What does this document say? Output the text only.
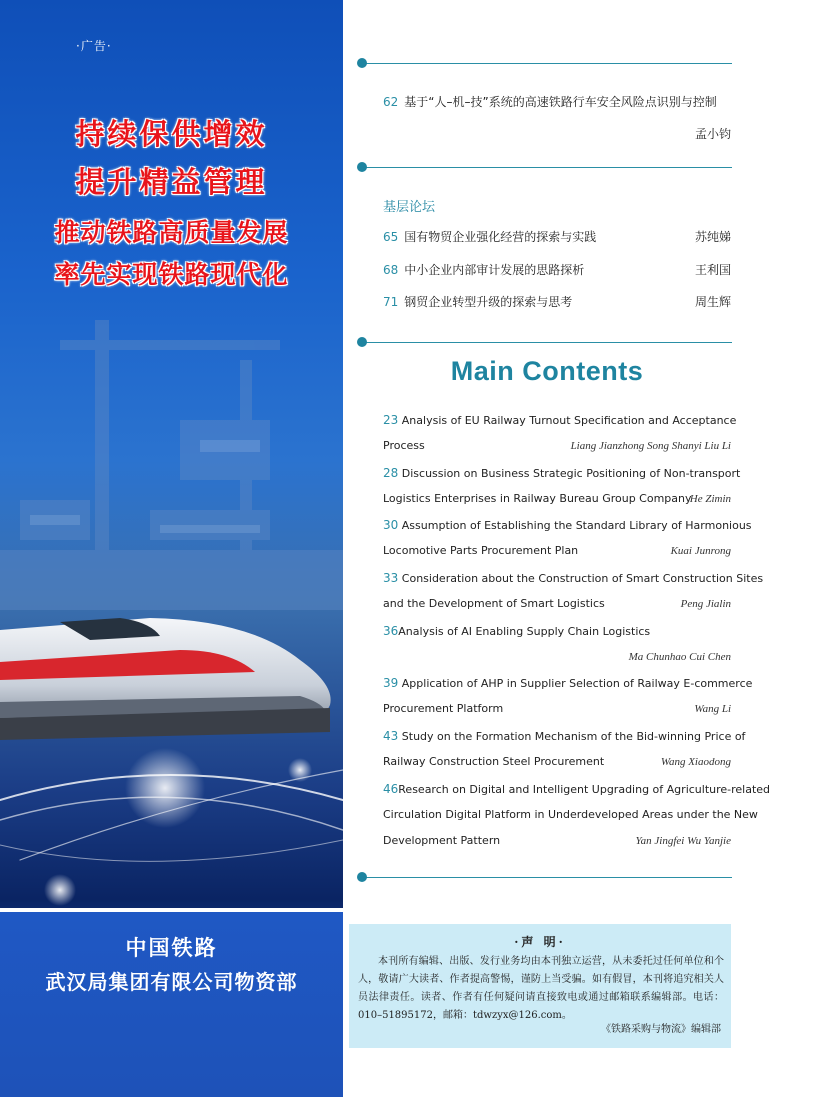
·广告·
持续保供增效
提升精益管理
推动铁路高质量发展
率先实现铁路现代化
中国铁路
武汉局集团有限公司物资部
62 基于“人–机–技”系统的高速铁路行车安全风险点识别与控制
孟小钧
基层论坛
65 国有物贸企业强化经营的探索与实践	苏纯娣
68 中小企业内部审计发展的思路探析	王利国
71 钢贸企业转型升级的探索与思考	周生辉
Main Contents
23 Analysis of EU Railway Turnout Specification and Acceptance
Process	Liang Jianzhong Song Shanyi Liu Li
28 Discussion on Business Strategic Positioning of Non-transport
Logistics Enterprises in Railway Bureau Group Company
He Zimin
30 Assumption of Establishing the Standard Library of Harmonious
Locomotive Parts Procurement Plan	Kuai Junrong
33 Consideration about the Construction of Smart Construction Sites
and the Development of Smart Logistics	Peng Jialin
36Analysis of AI Enabling Supply Chain Logistics
Ma Chunhao Cui Chen
39 Application of AHP in Supplier Selection of Railway E-commerce
Procurement Platform	Wang Li
43 Study on the Formation Mechanism of the Bid-winning Price of
Railway Construction Steel Procurement	Wang Xiaodong
46Research on Digital and Intelligent Upgrading of Agriculture-related
Circulation Digital Platform in Underdeveloped Areas under the New
Development Pattern	Yan Jingfei Wu Yanjie
·声 明·
本刊所有编辑、出版、发行业务均由本刊独立运营，从未委托过任何单位和个人，敬请广大读者、作者提高警惕，谨防上当受骗。如有假冒，本刊将追究相关人员法律责任。读者、作者有任何疑问请直接致电或通过邮箱联系编辑部。电话：010–51895172，邮箱：tdwzyx@126.com。
《铁路采购与物流》编辑部
